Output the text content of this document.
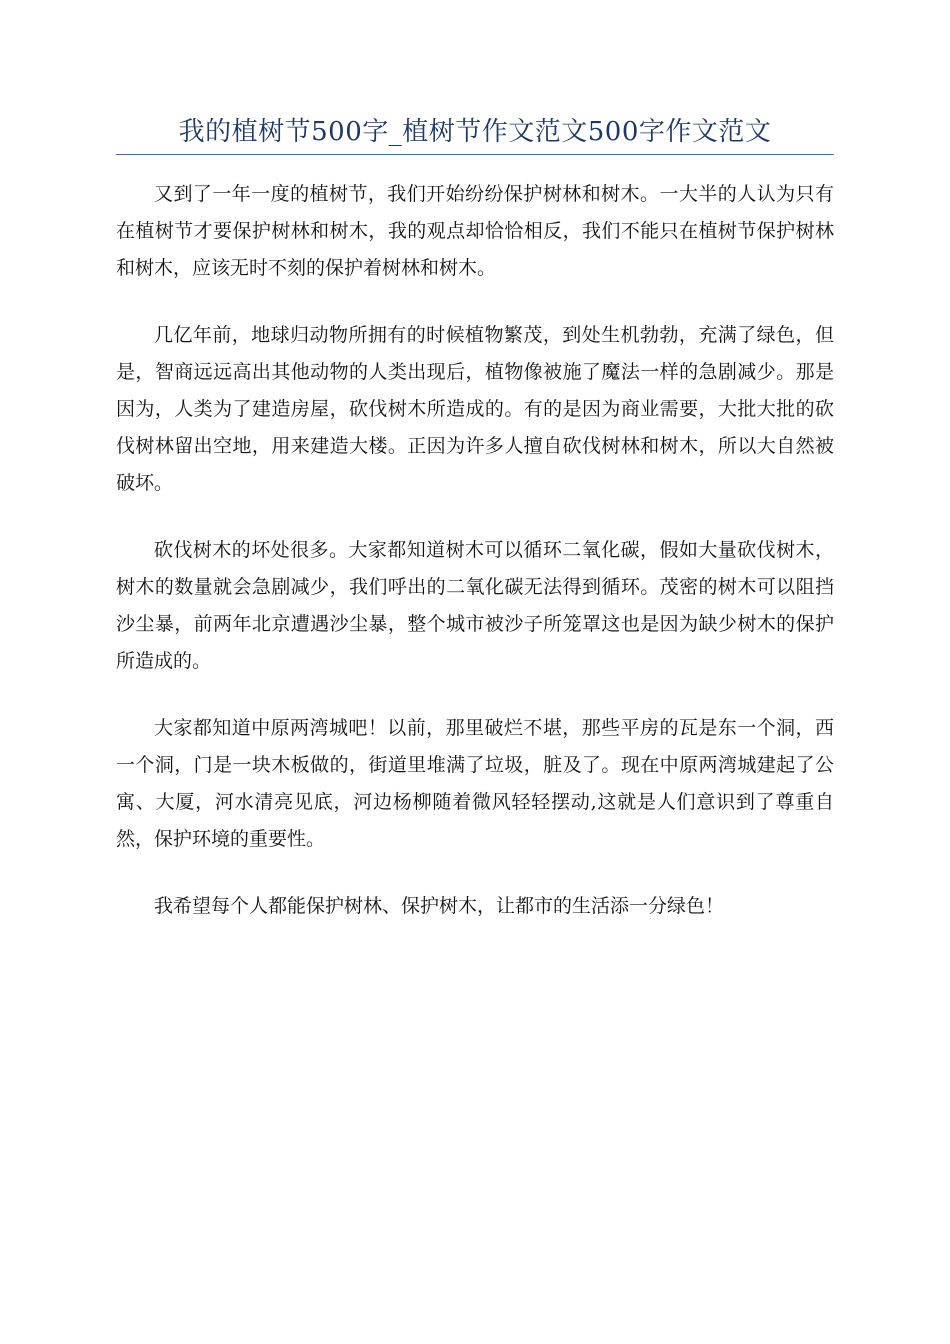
我的植树节500字_植树节作文范文500字作文范文

又到了一年一度的植树节，我们开始纷纷保护树林和树木。一大半的人认为只有在植树节才要保护树林和树木，我的观点却恰恰相反，我们不能只在植树节保护树林和树木，应该无时不刻的保护着树林和树木。

几亿年前，地球归动物所拥有的时候植物繁茂，到处生机勃勃，充满了绿色，但是，智商远远高出其他动物的人类出现后，植物像被施了魔法一样的急剧减少。那是因为，人类为了建造房屋，砍伐树木所造成的。有的是因为商业需要，大批大批的砍伐树林留出空地，用来建造大楼。正因为许多人擅自砍伐树林和树木，所以大自然被破坏。

砍伐树木的坏处很多。大家都知道树木可以循环二氧化碳，假如大量砍伐树木，树木的数量就会急剧减少，我们呼出的二氧化碳无法得到循环。茂密的树木可以阻挡沙尘暴，前两年北京遭遇沙尘暴，整个城市被沙子所笼罩这也是因为缺少树木的保护所造成的。

大家都知道中原两湾城吧！以前，那里破烂不堪，那些平房的瓦是东一个洞，西一个洞，门是一块木板做的，街道里堆满了垃圾，脏及了。现在中原两湾城建起了公寓、大厦，河水清亮见底，河边杨柳随着微风轻轻摆动,这就是人们意识到了尊重自然，保护环境的重要性。

我希望每个人都能保护树林、保护树木，让都市的生活添一分绿色！
